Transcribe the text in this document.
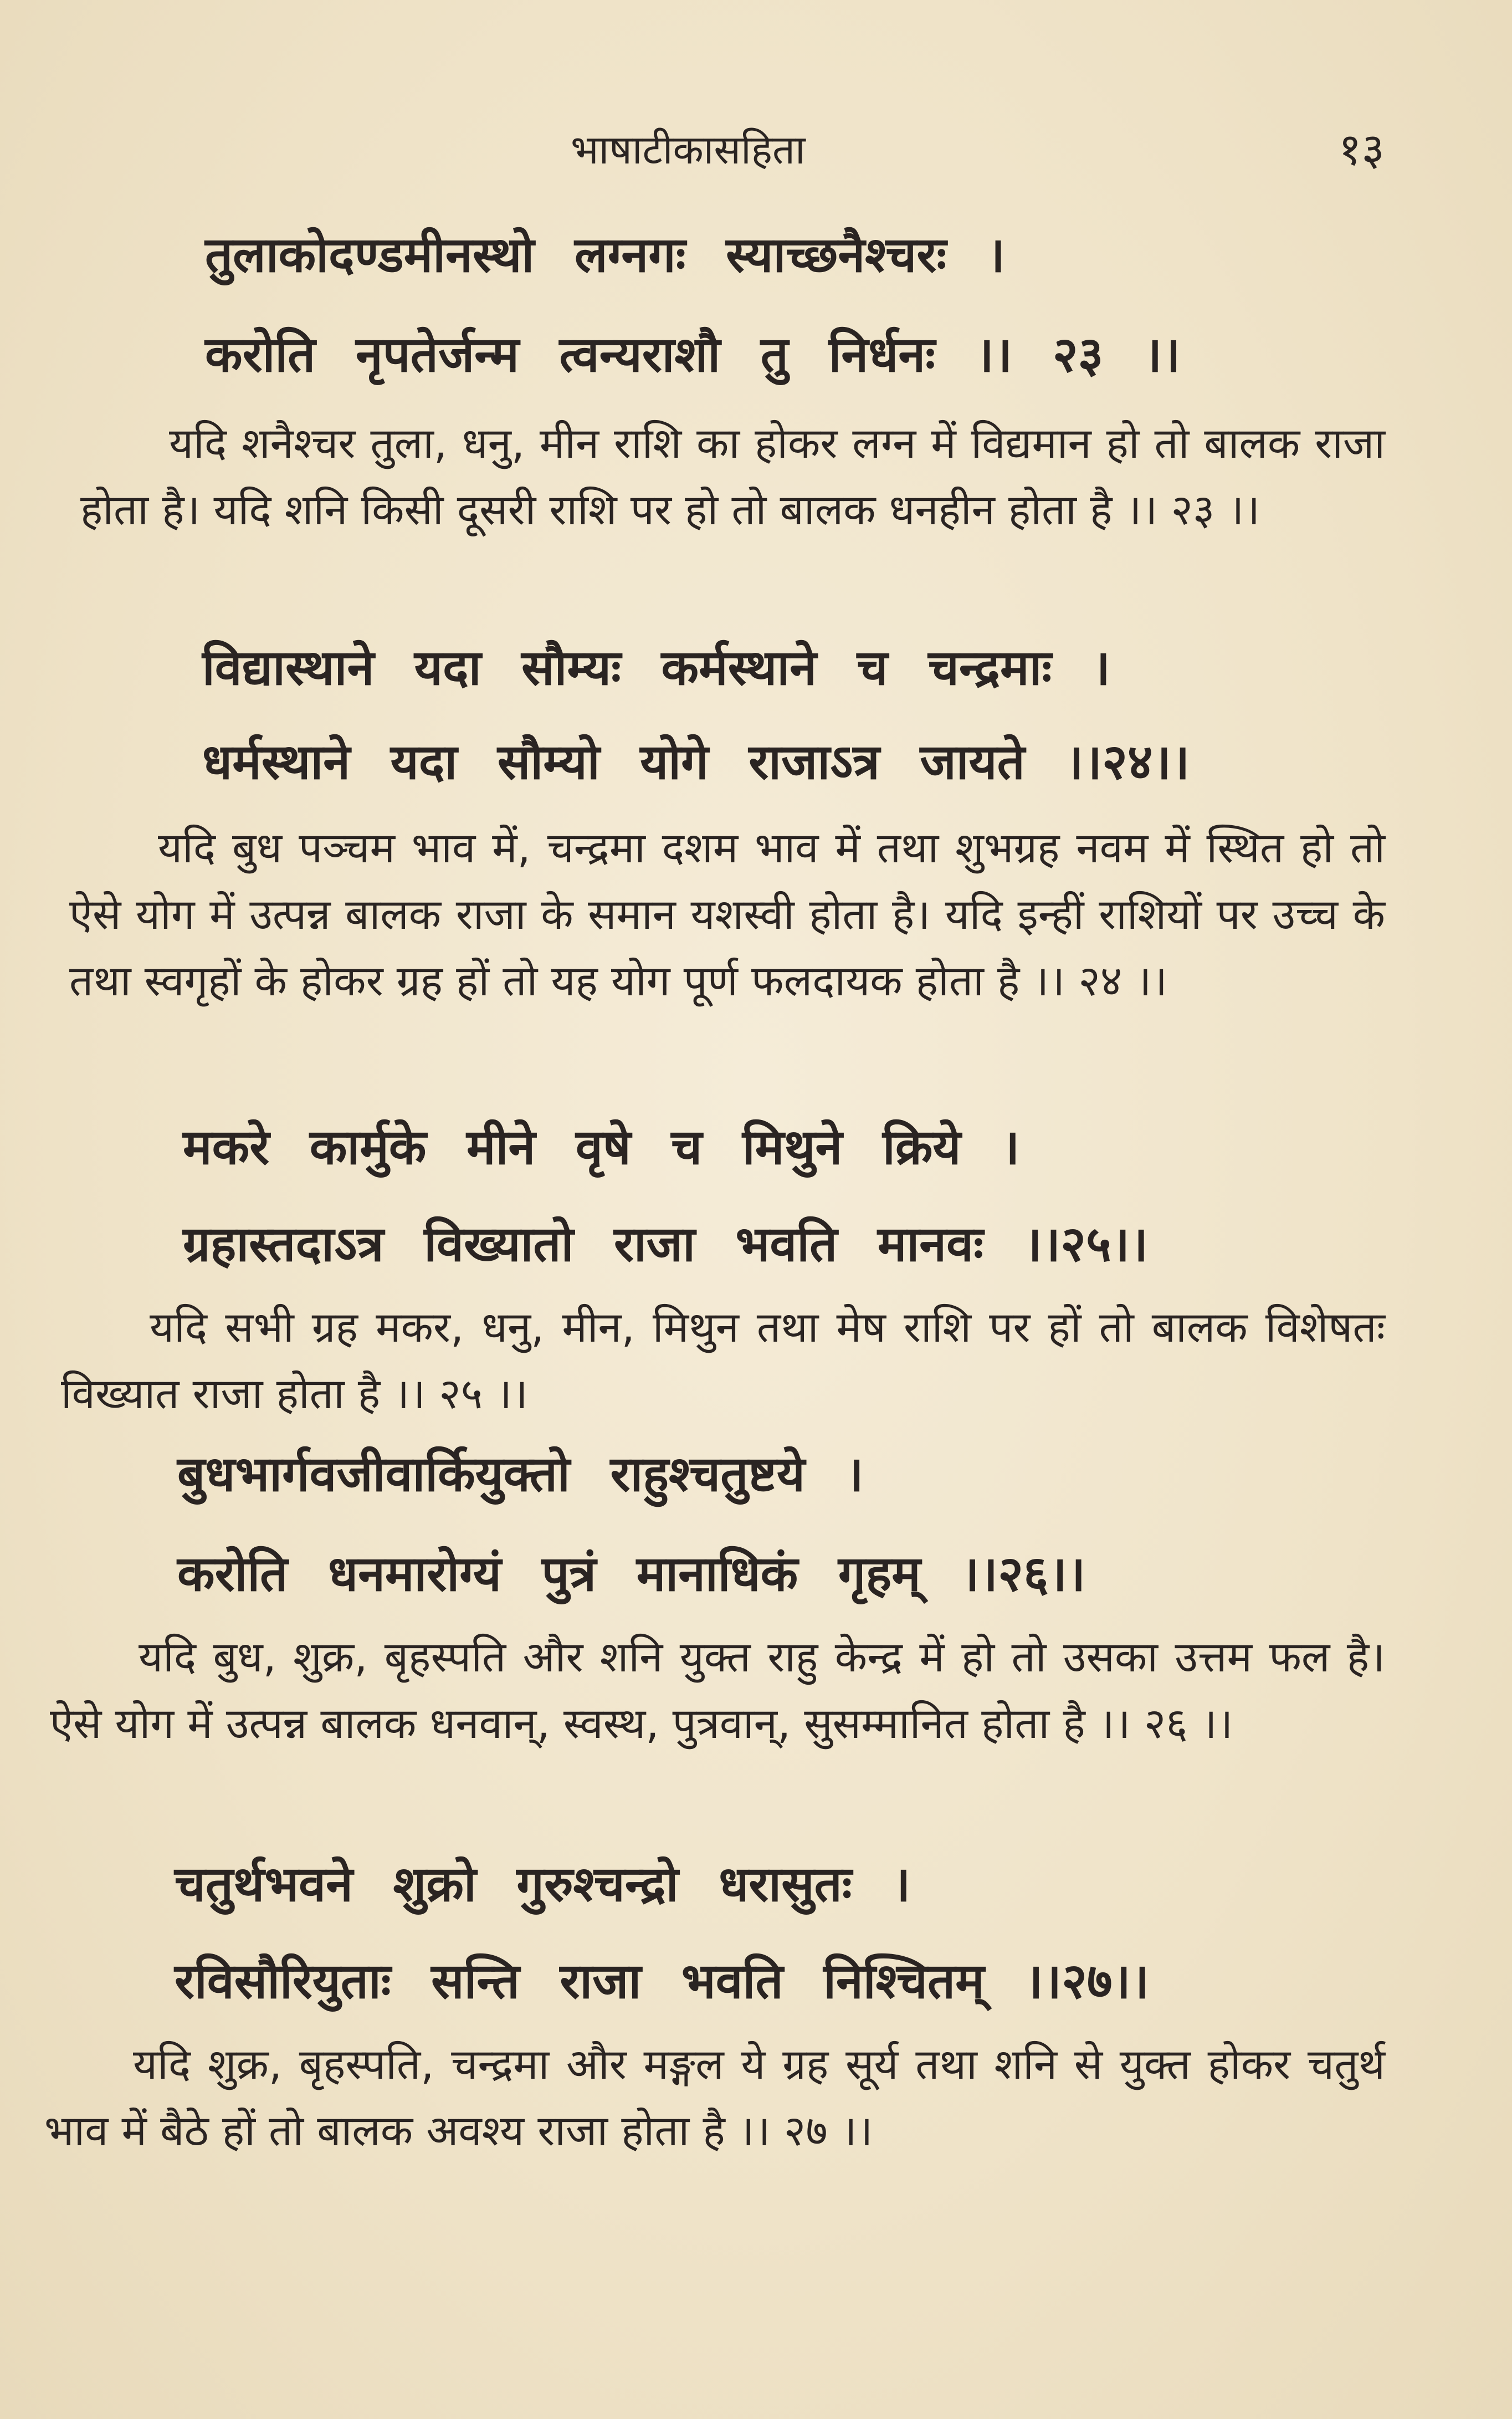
भाषाटीकासहिता	१३
तुलाकोदण्डमीनस्थो लग्नगः स्याच्छनैश्चरः ।
करोति नृपतेर्जन्म त्वन्यराशौ तु निर्धनः ।। २३ ।।
यदि शनैश्चर तुला, धनु, मीन राशि का होकर लग्न में विद्यमान हो तो बालक राजा होता है। यदि शनि किसी दूसरी राशि पर हो तो बालक धनहीन होता है ।। २३ ।।
विद्यास्थाने यदा सौम्यः कर्मस्थाने च चन्द्रमाः ।
धर्मस्थाने यदा सौम्यो योगे राजाऽत्र जायते ।।२४।।
यदि बुध पञ्चम भाव में, चन्द्रमा दशम भाव में तथा शुभग्रह नवम में स्थित हो तो ऐसे योग में उत्पन्न बालक राजा के समान यशस्वी होता है। यदि इन्हीं राशियों पर उच्च के तथा स्वगृहों के होकर ग्रह हों तो यह योग पूर्ण फलदायक होता है ।। २४ ।।
मकरे कार्मुके मीने वृषे च मिथुने क्रिये ।
ग्रहास्तदाऽत्र विख्यातो राजा भवति मानवः ।।२५।।
यदि सभी ग्रह मकर, धनु, मीन, मिथुन तथा मेष राशि पर हों तो बालक विशेषतः विख्यात राजा होता है ।। २५ ।।
बुधभार्गवजीवार्कियुक्तो राहुश्चतुष्टये ।
करोति धनमारोग्यं पुत्रं मानाधिकं गृहम् ।।२६।।
यदि बुध, शुक्र, बृहस्पति और शनि युक्त राहु केन्द्र में हो तो उसका उत्तम फल है। ऐसे योग में उत्पन्न बालक धनवान्, स्वस्थ, पुत्रवान्, सुसम्मानित होता है ।। २६ ।।
चतुर्थभवने शुक्रो गुरुश्चन्द्रो धरासुतः ।
रविसौरियुताः सन्ति राजा भवति निश्चितम् ।।२७।।
यदि शुक्र, बृहस्पति, चन्द्रमा और मङ्गल ये ग्रह सूर्य तथा शनि से युक्त होकर चतुर्थ भाव में बैठे हों तो बालक अवश्य राजा होता है ।। २७ ।।
